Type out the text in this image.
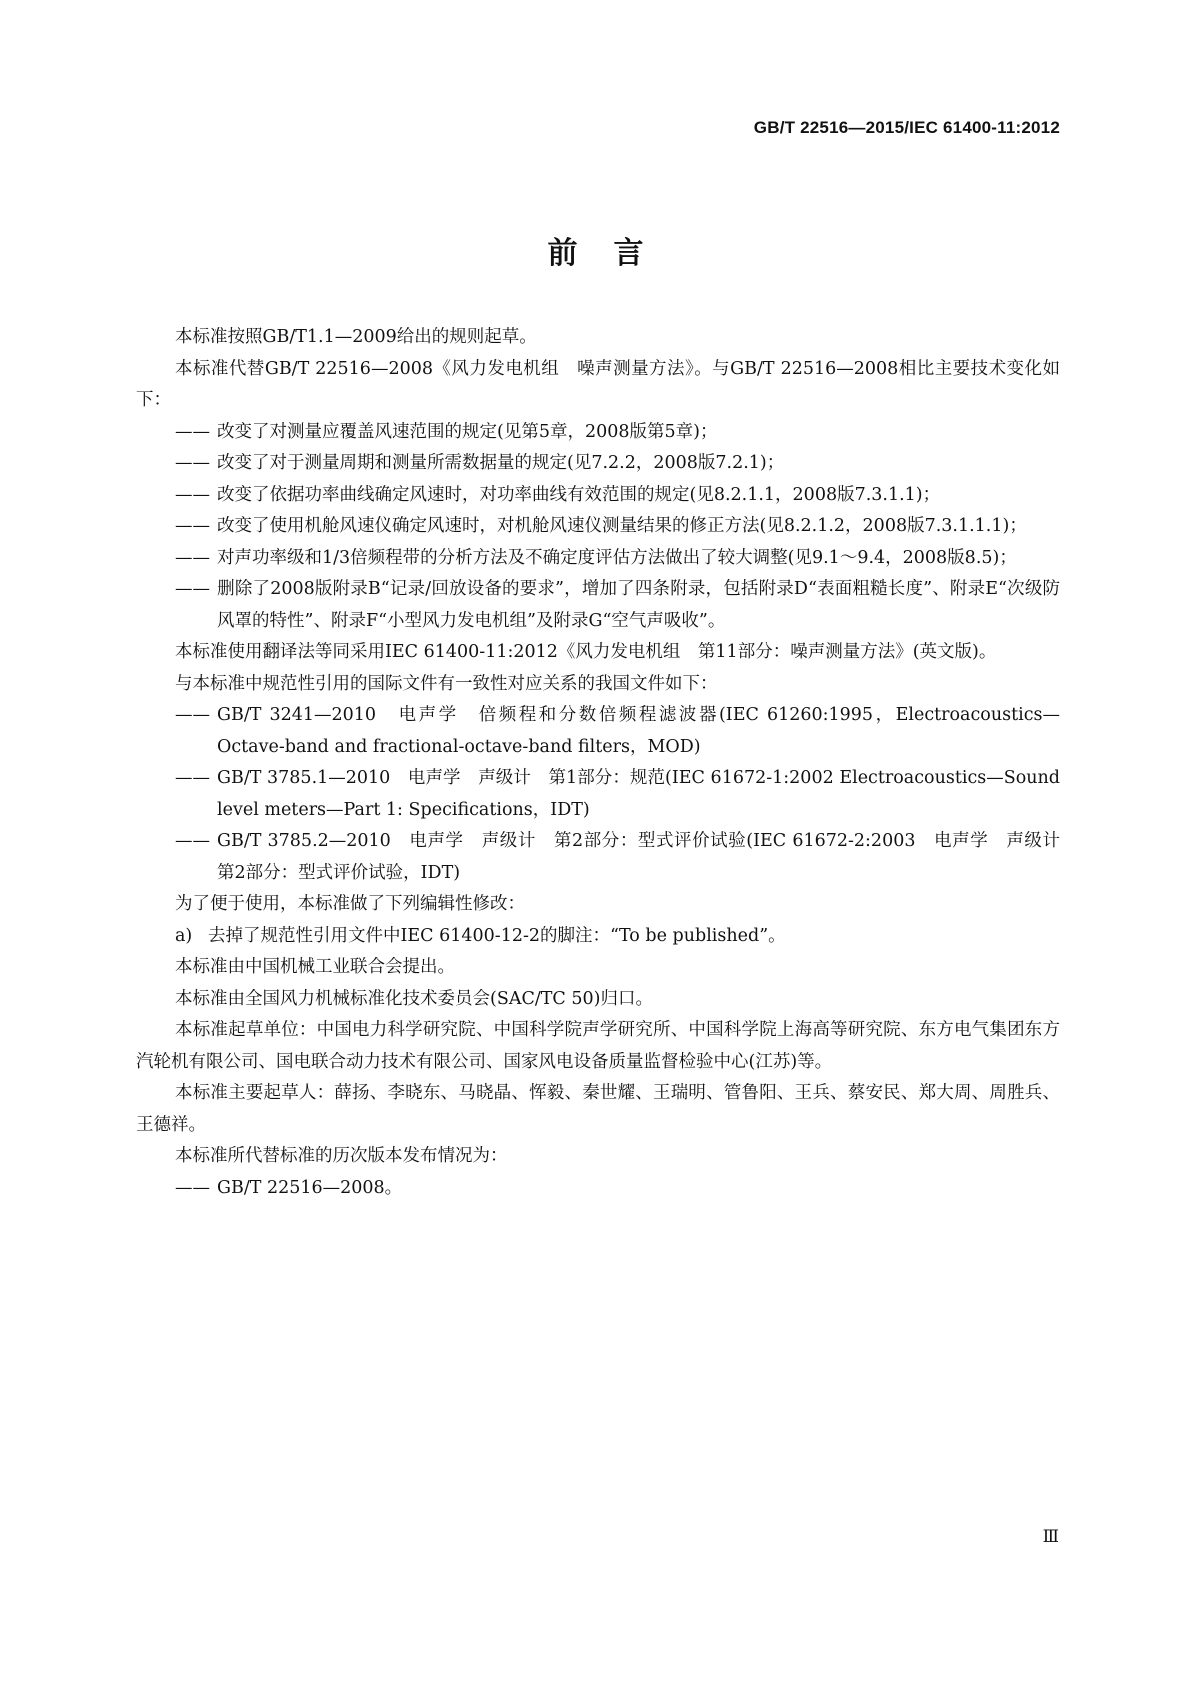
GB/T 22516—2015/IEC 61400-11:2012
前言

本标准按照GB/T1.1—2009给出的规则起草。

本标准代替GB/T 22516—2008《风力发电机组　噪声测量方法》。与GB/T 22516—2008相比主要技术变化如下：

—— 改变了对测量应覆盖风速范围的规定(见第5章，2008版第5章)；

—— 改变了对于测量周期和测量所需数据量的规定(见7.2.2，2008版7.2.1)；

—— 改变了依据功率曲线确定风速时，对功率曲线有效范围的规定(见8.2.1.1，2008版7.3.1.1)；

—— 改变了使用机舱风速仪确定风速时，对机舱风速仪测量结果的修正方法(见8.2.1.2，2008版7.3.1.1.1)；

—— 对声功率级和1/3倍频程带的分析方法及不确定度评估方法做出了较大调整(见9.1～9.4，2008版8.5)；

—— 删除了2008版附录B“记录/回放设备的要求”，增加了四条附录，包括附录D“表面粗糙长度”、附录E“次级防风罩的特性”、附录F“小型风力发电机组”及附录G“空气声吸收”。

本标准使用翻译法等同采用IEC 61400-11:2012《风力发电机组　第11部分：噪声测量方法》(英文版)。

与本标准中规范性引用的国际文件有一致性对应关系的我国文件如下：

—— GB/T 3241—2010　电声学　倍频程和分数倍频程滤波器(IEC 61260:1995，Electroacoustics—Octave-band and fractional-octave-band filters，MOD)

—— GB/T 3785.1—2010　电声学　声级计　第1部分：规范(IEC 61672-1:2002 Electroacoustics—Sound level meters—Part 1: Specifications，IDT)

—— GB/T 3785.2—2010　电声学　声级计　第2部分：型式评价试验(IEC 61672-2:2003　电声学　声级计　第2部分：型式评价试验，IDT)

为了便于使用，本标准做了下列编辑性修改：

a) 去掉了规范性引用文件中IEC 61400-12-2的脚注：“To be published”。

本标准由中国机械工业联合会提出。

本标准由全国风力机械标准化技术委员会(SAC/TC 50)归口。

本标准起草单位：中国电力科学研究院、中国科学院声学研究所、中国科学院上海高等研究院、东方电气集团东方汽轮机有限公司、国电联合动力技术有限公司、国家风电设备质量监督检验中心(江苏)等。

本标准主要起草人：薛扬、李晓东、马晓晶、恽毅、秦世耀、王瑞明、管鲁阳、王兵、蔡安民、郑大周、周胜兵、王德祥。

本标准所代替标准的历次版本发布情况为：

—— GB/T 22516—2008。

Ⅲ
